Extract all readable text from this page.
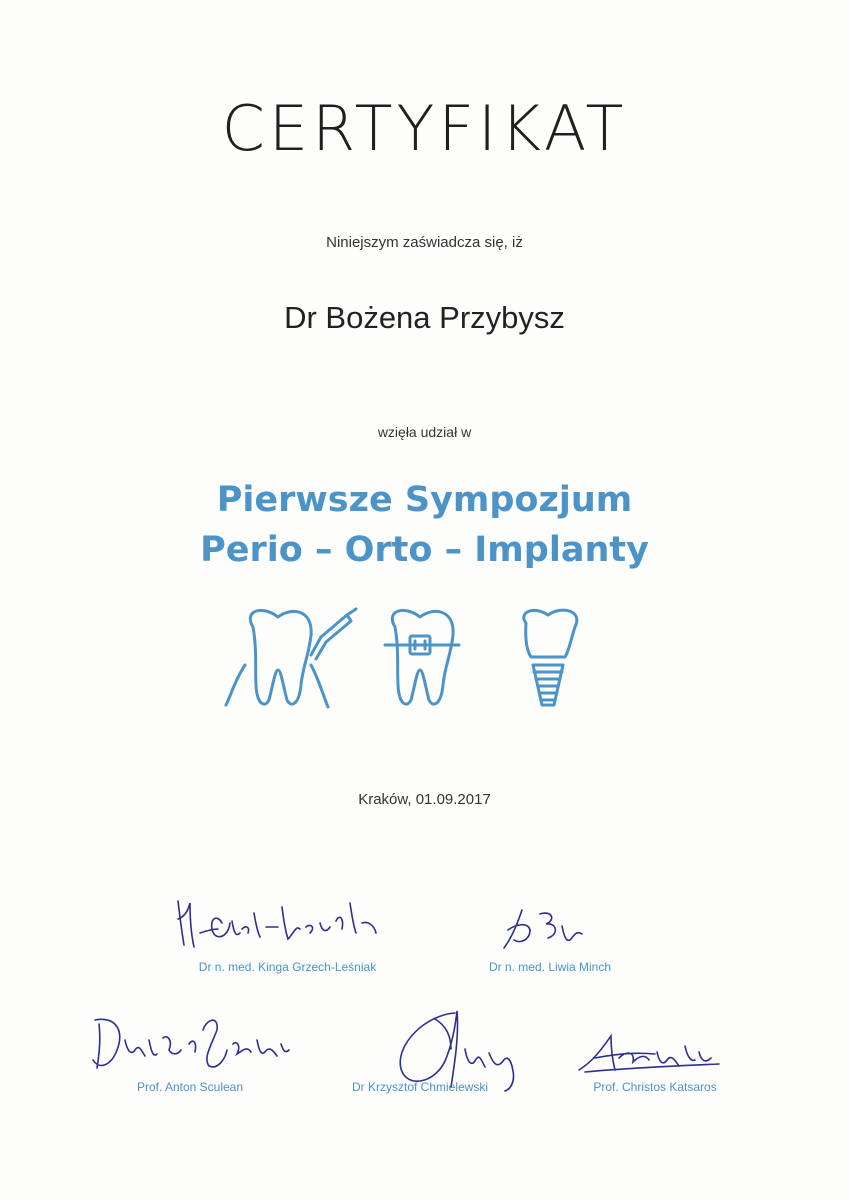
CERTYFIKAT
Niniejszym zaświadcza się, iż
Dr Bożena Przybysz
wzięła udział w
Pierwsze Sympozjum
Perio – Orto – Implanty
Kraków, 01.09.2017
Dr n. med. Kinga Grzech-Leśniak	Dr n. med. Liwia Minch
Prof. Anton Sculean	Dr Krzysztof Chmielewski	Prof. Christos Katsaros
